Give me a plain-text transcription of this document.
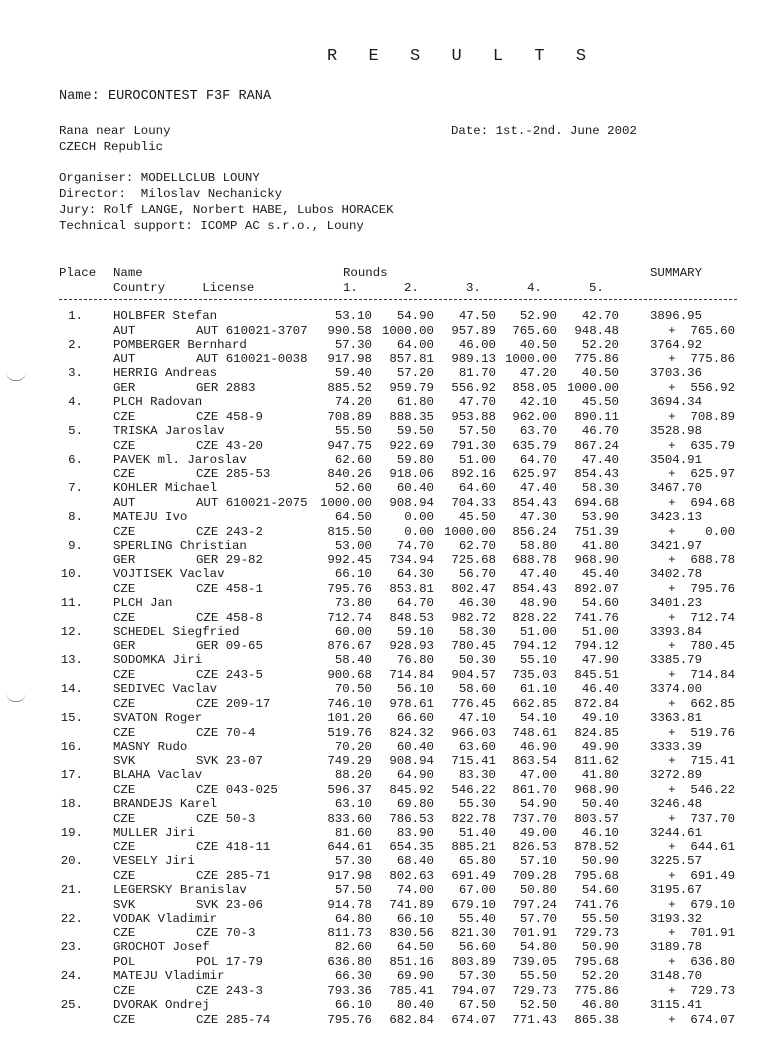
R E S U L T S
Name: EUROCONTEST F3F RANA
Rana near Louny	Date: 1st.-2nd. June 2002
CZECH Republic
Organiser: MODELLCLUB LOUNY
Director:  Miloslav Nechanicky
Jury: Rolf LANGE, Norbert HABE, Lubos HORACEK
Technical support: ICOMP AC s.r.o., Louny
Place Name	Rounds	SUMMARY
Country     License	1.	2.	3.	4.	5.
1. HOLBFER Stefan	53.10	54.90	47.50	52.90	42.70	3896.95
AUT	AUT 610021-3707	990.58 1000.00	957.89	765.60	948.48	+  765.60
2. POMBERGER Bernhard	57.30	64.00	46.00	40.50	52.20	3764.92
AUT	AUT 610021-0038	917.98	857.81	989.13 1000.00	775.86	+  775.86
3. HERRIG Andreas	59.40	57.20	81.70	47.20	40.50	3703.36
GER	GER 2883	885.52	959.79	556.92	858.05 1000.00	+  556.92
4. PLCH Radovan	74.20	61.80	47.70	42.10	45.50	3694.34
CZE	CZE 458-9	708.89	888.35	953.88	962.00	890.11	+  708.89
5. TRISKA Jaroslav	55.50	59.50	57.50	63.70	46.70	3528.98
CZE	CZE 43-20	947.75	922.69	791.30	635.79	867.24	+  635.79
6. PAVEK ml. Jaroslav	62.60	59.80	51.00	64.70	47.40	3504.91
CZE	CZE 285-53	840.26	918.06	892.16	625.97	854.43	+  625.97
7. KOHLER Michael	52.60	60.40	64.60	47.40	58.30	3467.70
AUT	AUT 610021-2075 1000.00	908.94	704.33	854.43	694.68	+  694.68
8. MATEJU Ivo	64.50	0.00	45.50	47.30	53.90	3423.13
CZE	CZE 243-2	815.50	0.00 1000.00	856.24	751.39	+    0.00
9. SPERLING Christian	53.00	74.70	62.70	58.80	41.80	3421.97
GER	GER 29-82	992.45	734.94	725.68	688.78	968.90	+  688.78
10. VOJTISEK Vaclav	66.10	64.30	56.70	47.40	45.40	3402.78
CZE	CZE 458-1	795.76	853.81	802.47	854.43	892.07	+  795.76
11. PLCH Jan	73.80	64.70	46.30	48.90	54.60	3401.23
CZE	CZE 458-8	712.74	848.53	982.72	828.22	741.76	+  712.74
12. SCHEDEL Siegfried	60.00	59.10	58.30	51.00	51.00	3393.84
GER	GER 09-65	876.67	928.93	780.45	794.12	794.12	+  780.45
13. SODOMKA Jiri	58.40	76.80	50.30	55.10	47.90	3385.79
CZE	CZE 243-5	900.68	714.84	904.57	735.03	845.51	+  714.84
14. SEDIVEC Vaclav	70.50	56.10	58.60	61.10	46.40	3374.00
CZE	CZE 209-17	746.10	978.61	776.45	662.85	872.84	+  662.85
15. SVATON Roger	101.20	66.60	47.10	54.10	49.10	3363.81
CZE	CZE 70-4	519.76	824.32	966.03	748.61	824.85	+  519.76
16. MASNY Rudo	70.20	60.40	63.60	46.90	49.90	3333.39
SVK	SVK 23-07	749.29	908.94	715.41	863.54	811.62	+  715.41
17. BLAHA Vaclav	88.20	64.90	83.30	47.00	41.80	3272.89
CZE	CZE 043-025	596.37	845.92	546.22	861.70	968.90	+  546.22
18. BRANDEJS Karel	63.10	69.80	55.30	54.90	50.40	3246.48
CZE	CZE 50-3	833.60	786.53	822.78	737.70	803.57	+  737.70
19. MULLER Jiri	81.60	83.90	51.40	49.00	46.10	3244.61
CZE	CZE 418-11	644.61	654.35	885.21	826.53	878.52	+  644.61
20. VESELY Jiri	57.30	68.40	65.80	57.10	50.90	3225.57
CZE	CZE 285-71	917.98	802.63	691.49	709.28	795.68	+  691.49
21. LEGERSKY Branislav	57.50	74.00	67.00	50.80	54.60	3195.67
SVK	SVK 23-06	914.78	741.89	679.10	797.24	741.76	+  679.10
22. VODAK Vladimir	64.80	66.10	55.40	57.70	55.50	3193.32
CZE	CZE 70-3	811.73	830.56	821.30	701.91	729.73	+  701.91
23. GROCHOT Josef	82.60	64.50	56.60	54.80	50.90	3189.78
POL	POL 17-79	636.80	851.16	803.89	739.05	795.68	+  636.80
24. MATEJU Vladimir	66.30	69.90	57.30	55.50	52.20	3148.70
CZE	CZE 243-3	793.36	785.41	794.07	729.73	775.86	+  729.73
25. DVORAK Ondrej	66.10	80.40	67.50	52.50	46.80	3115.41
CZE	CZE 285-74	795.76	682.84	674.07	771.43	865.38	+  674.07
